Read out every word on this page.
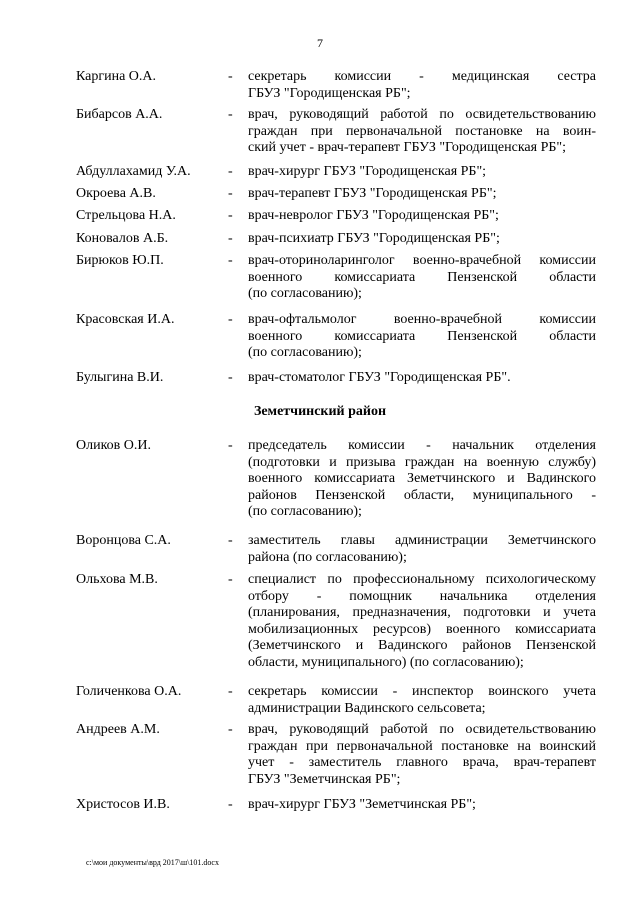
7
Каргина О.А.	- секретарь комиссии - медицинская сестра
ГБУЗ "Городищенская РБ";
Бибарсов А.А.	- врач, руководящий работой по освидетельствованию
граждан при первоначальной постановке на воин-
ский учет - врач-терапевт ГБУЗ "Городищенская РБ";
Абдуллахамид У.А.	- врач-хирург ГБУЗ "Городищенская РБ";
Окроева А.В.	- врач-терапевт ГБУЗ "Городищенская РБ";
Стрельцова Н.А.	- врач-невролог ГБУЗ "Городищенская РБ";
Коновалов А.Б.	- врач-психиатр ГБУЗ "Городищенская РБ";
Бирюков Ю.П.	- врач-оториноларинголог военно-врачебной комиссии
военного комиссариата Пензенской области
(по согласованию);
Красовская И.А.	- врач-офтальмолог военно-врачебной комиссии
военного комиссариата Пензенской области
(по согласованию);
Булыгина В.И.	- врач-стоматолог ГБУЗ "Городищенская РБ".
Земетчинский район
Оликов О.И.	- председатель комиссии - начальник отделения
(подготовки и призыва граждан на военную службу)
военного комиссариата Земетчинского и Вадинского
районов Пензенской области, муниципального -
(по согласованию);
Воронцова С.А.	- заместитель главы администрации Земетчинского
района (по согласованию);
Ольхова М.В.	- специалист по профессиональному психологическому
отбору - помощник начальника отделения
(планирования, предназначения, подготовки и учета
мобилизационных ресурсов) военного комиссариата
(Земетчинского и Вадинского районов Пензенской
области, муниципального) (по согласованию);
Голиченкова О.А.	- секретарь комиссии - инспектор воинского учета
администрации Вадинского сельсовета;
Андреев А.М.	- врач, руководящий работой по освидетельствованию
граждан при первоначальной постановке на воинский
учет - заместитель главного врача, врач-терапевт
ГБУЗ "Земетчинская РБ";
Христосов И.В.	- врач-хирург ГБУЗ "Земетчинская РБ";
c:\мои документы\врд 2017\ш\101.docx
